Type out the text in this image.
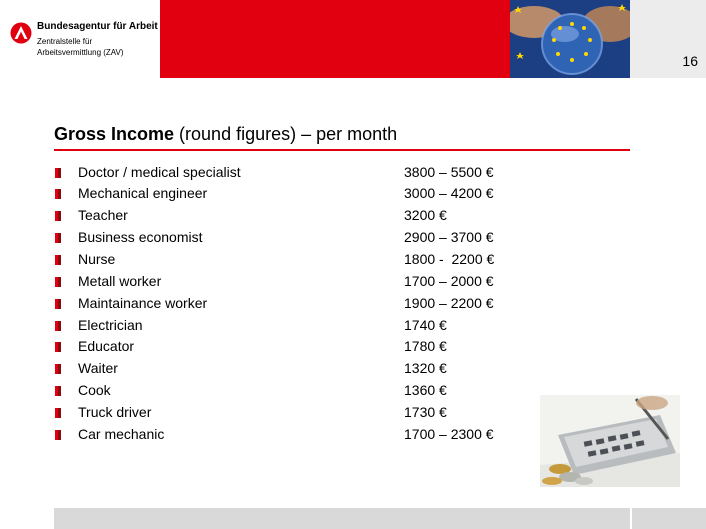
Bundesagentur für Arbeit
Zentralstelle für
Arbeitsvermittlung (ZAV)
16
Gross Income (round figures) – per month
Doctor / medical specialist	3800 – 5500 €
Mechanical engineer	3000 – 4200 €
Teacher	3200 €
Business economist	2900 – 3700 €
Nurse	1800 -  2200 €
Metall worker	1700 – 2000 €
Maintainance worker	1900 – 2200 €
Electrician	1740 €
Educator	1780 €
Waiter	1320 €
Cook	1360 €
Truck driver	1730 €
Car mechanic	1700 – 2300 €
